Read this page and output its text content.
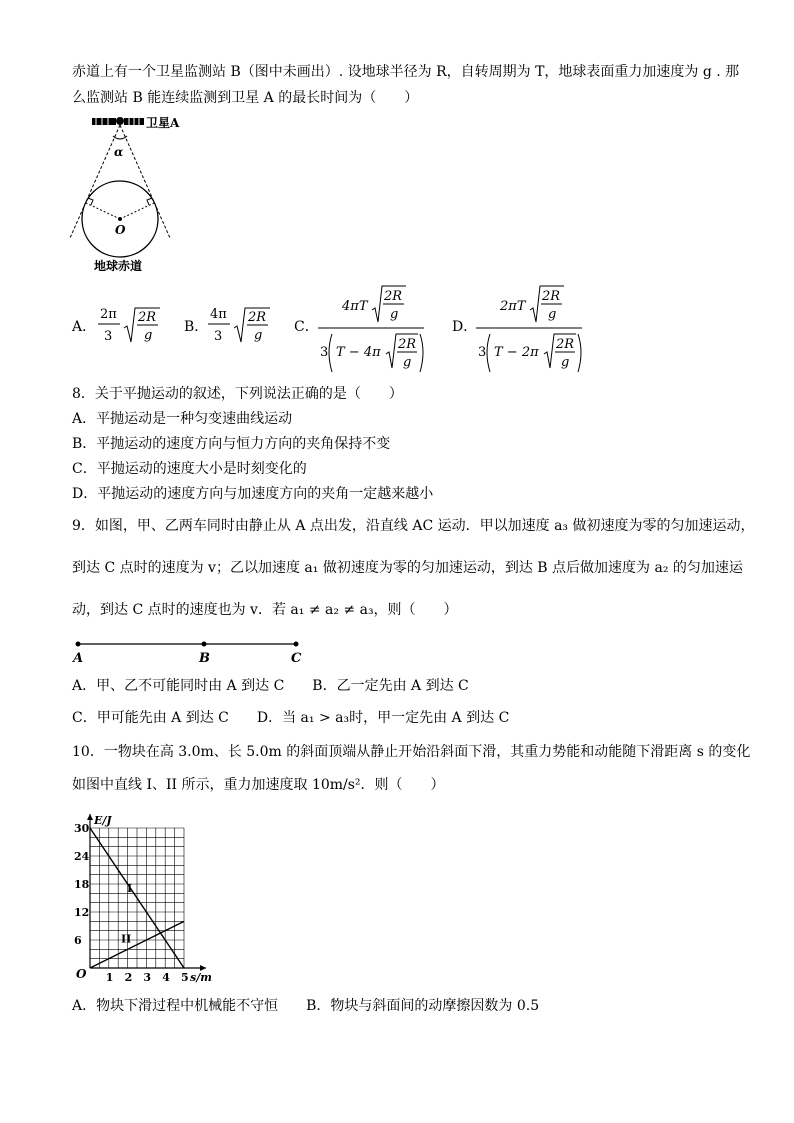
赤道上有一个卫星监测站 B（图中未画出）. 设地球半径为 R，自转周期为 T，地球表面重力加速度为 g . 那
么监测站 B 能连续监测到卫星 A 的最长时间为（　　）
卫星A
α
O
地球赤道
A．
2π
3
2R
g
B．
4π
3
2R
g
C．
4πT
2R
g
3 T − 4π
2R
g
D．
2πT
2R
g
3 T − 2π
2R
g
8．关于平抛运动的叙述，下列说法正确的是（　　）
A．平抛运动是一种匀变速曲线运动
B．平抛运动的速度方向与恒力方向的夹角保持不变
C．平抛运动的速度大小是时刻变化的
D．平抛运动的速度方向与加速度方向的夹角一定越来越小
9．如图，甲、乙两车同时由静止从 A 点出发，沿直线 AC 运动．甲以加速度 a₃ 做初速度为零的匀加速运动，
到达 C 点时的速度为 v；乙以加速度 a₁ 做初速度为零的匀加速运动，到达 B 点后做加速度为 a₂ 的匀加速运
动，到达 C 点时的速度也为 v．若 a₁ ≠ a₂ ≠ a₃，则（　　）
A	B	C
A．甲、乙不可能同时由 A 到达 C　　B．乙一定先由 A 到达 C
C．甲可能先由 A 到达 C　　D．当 a₁ > a₃时，甲一定先由 A 到达 C
10．一物块在高 3.0m、长 5.0m 的斜面顶端从静止开始沿斜面下滑，其重力势能和动能随下滑距离 s 的变化
如图中直线 I、II 所示，重力加速度取 10m/s²．则（　　）
1 2 3 4 5
6
12
18
24
30
I
II
E/J
s/m
O
A．物块下滑过程中机械能不守恒　　B．物块与斜面间的动摩擦因数为 0.5
